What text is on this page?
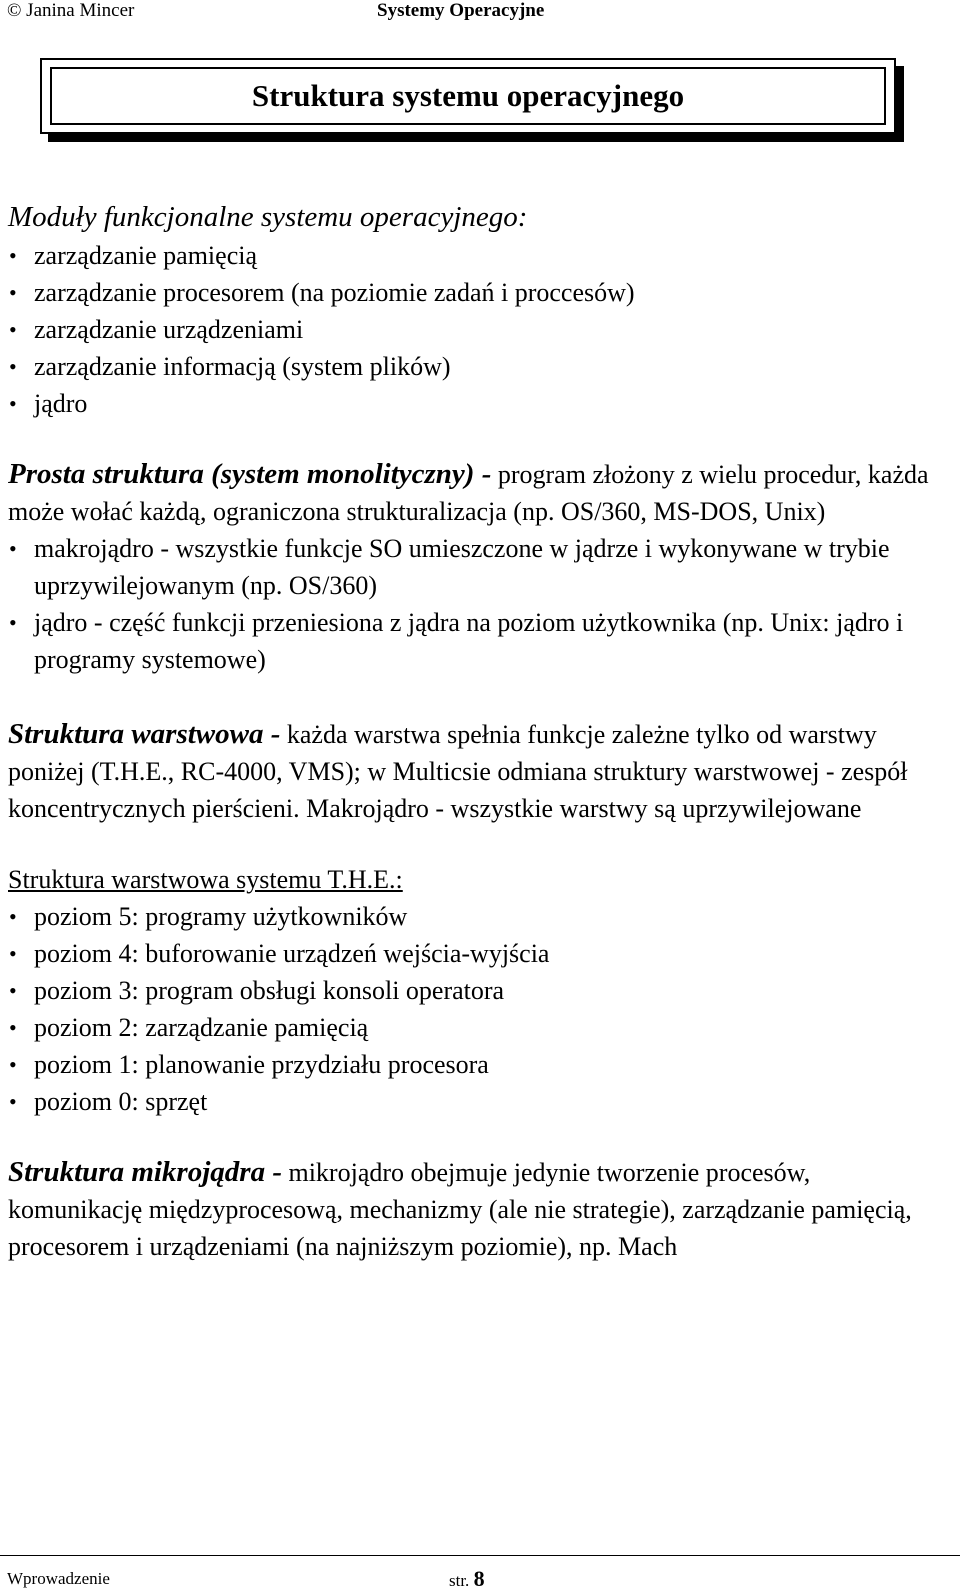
© Janina Mincer	Systemy Operacyjne
Struktura systemu operacyjnego
Moduły funkcjonalne systemu operacyjnego:
• zarządzanie pamięcią
• zarządzanie procesorem (na poziomie zadań i proccesów)
• zarządzanie urządzeniami
• zarządzanie informacją (system plików)
• jądro
Prosta struktura (system monolityczny) - program złożony z wielu procedur, każda może wołać każdą, ograniczona strukturalizacja (np. OS/360, MS-DOS, Unix)
• makrojądro - wszystkie funkcje SO umieszczone w jądrze i wykonywane w trybie uprzywilejowanym (np. OS/360)
• jądro - część funkcji przeniesiona z jądra na poziom użytkownika (np. Unix: jądro i programy systemowe)
Struktura warstwowa - każda warstwa spełnia funkcje zależne tylko od warstwy poniżej (T.H.E., RC-4000, VMS); w Multicsie odmiana struktury warstwowej - zespół koncentrycznych pierścieni. Makrojądro - wszystkie warstwy są uprzywilejowane
Struktura warstwowa systemu T.H.E.:
• poziom 5: programy użytkowników
• poziom 4: buforowanie urządzeń wejścia-wyjścia
• poziom 3: program obsługi konsoli operatora
• poziom 2: zarządzanie pamięcią
• poziom 1: planowanie przydziału procesora
• poziom 0: sprzęt
Struktura mikrojądra - mikrojądro obejmuje jedynie tworzenie procesów, komunikację międzyprocesową, mechanizmy (ale nie strategie), zarządzanie pamięcią, procesorem i urządzeniami (na najniższym poziomie), np. Mach
Wprowadzenie	str. 8
